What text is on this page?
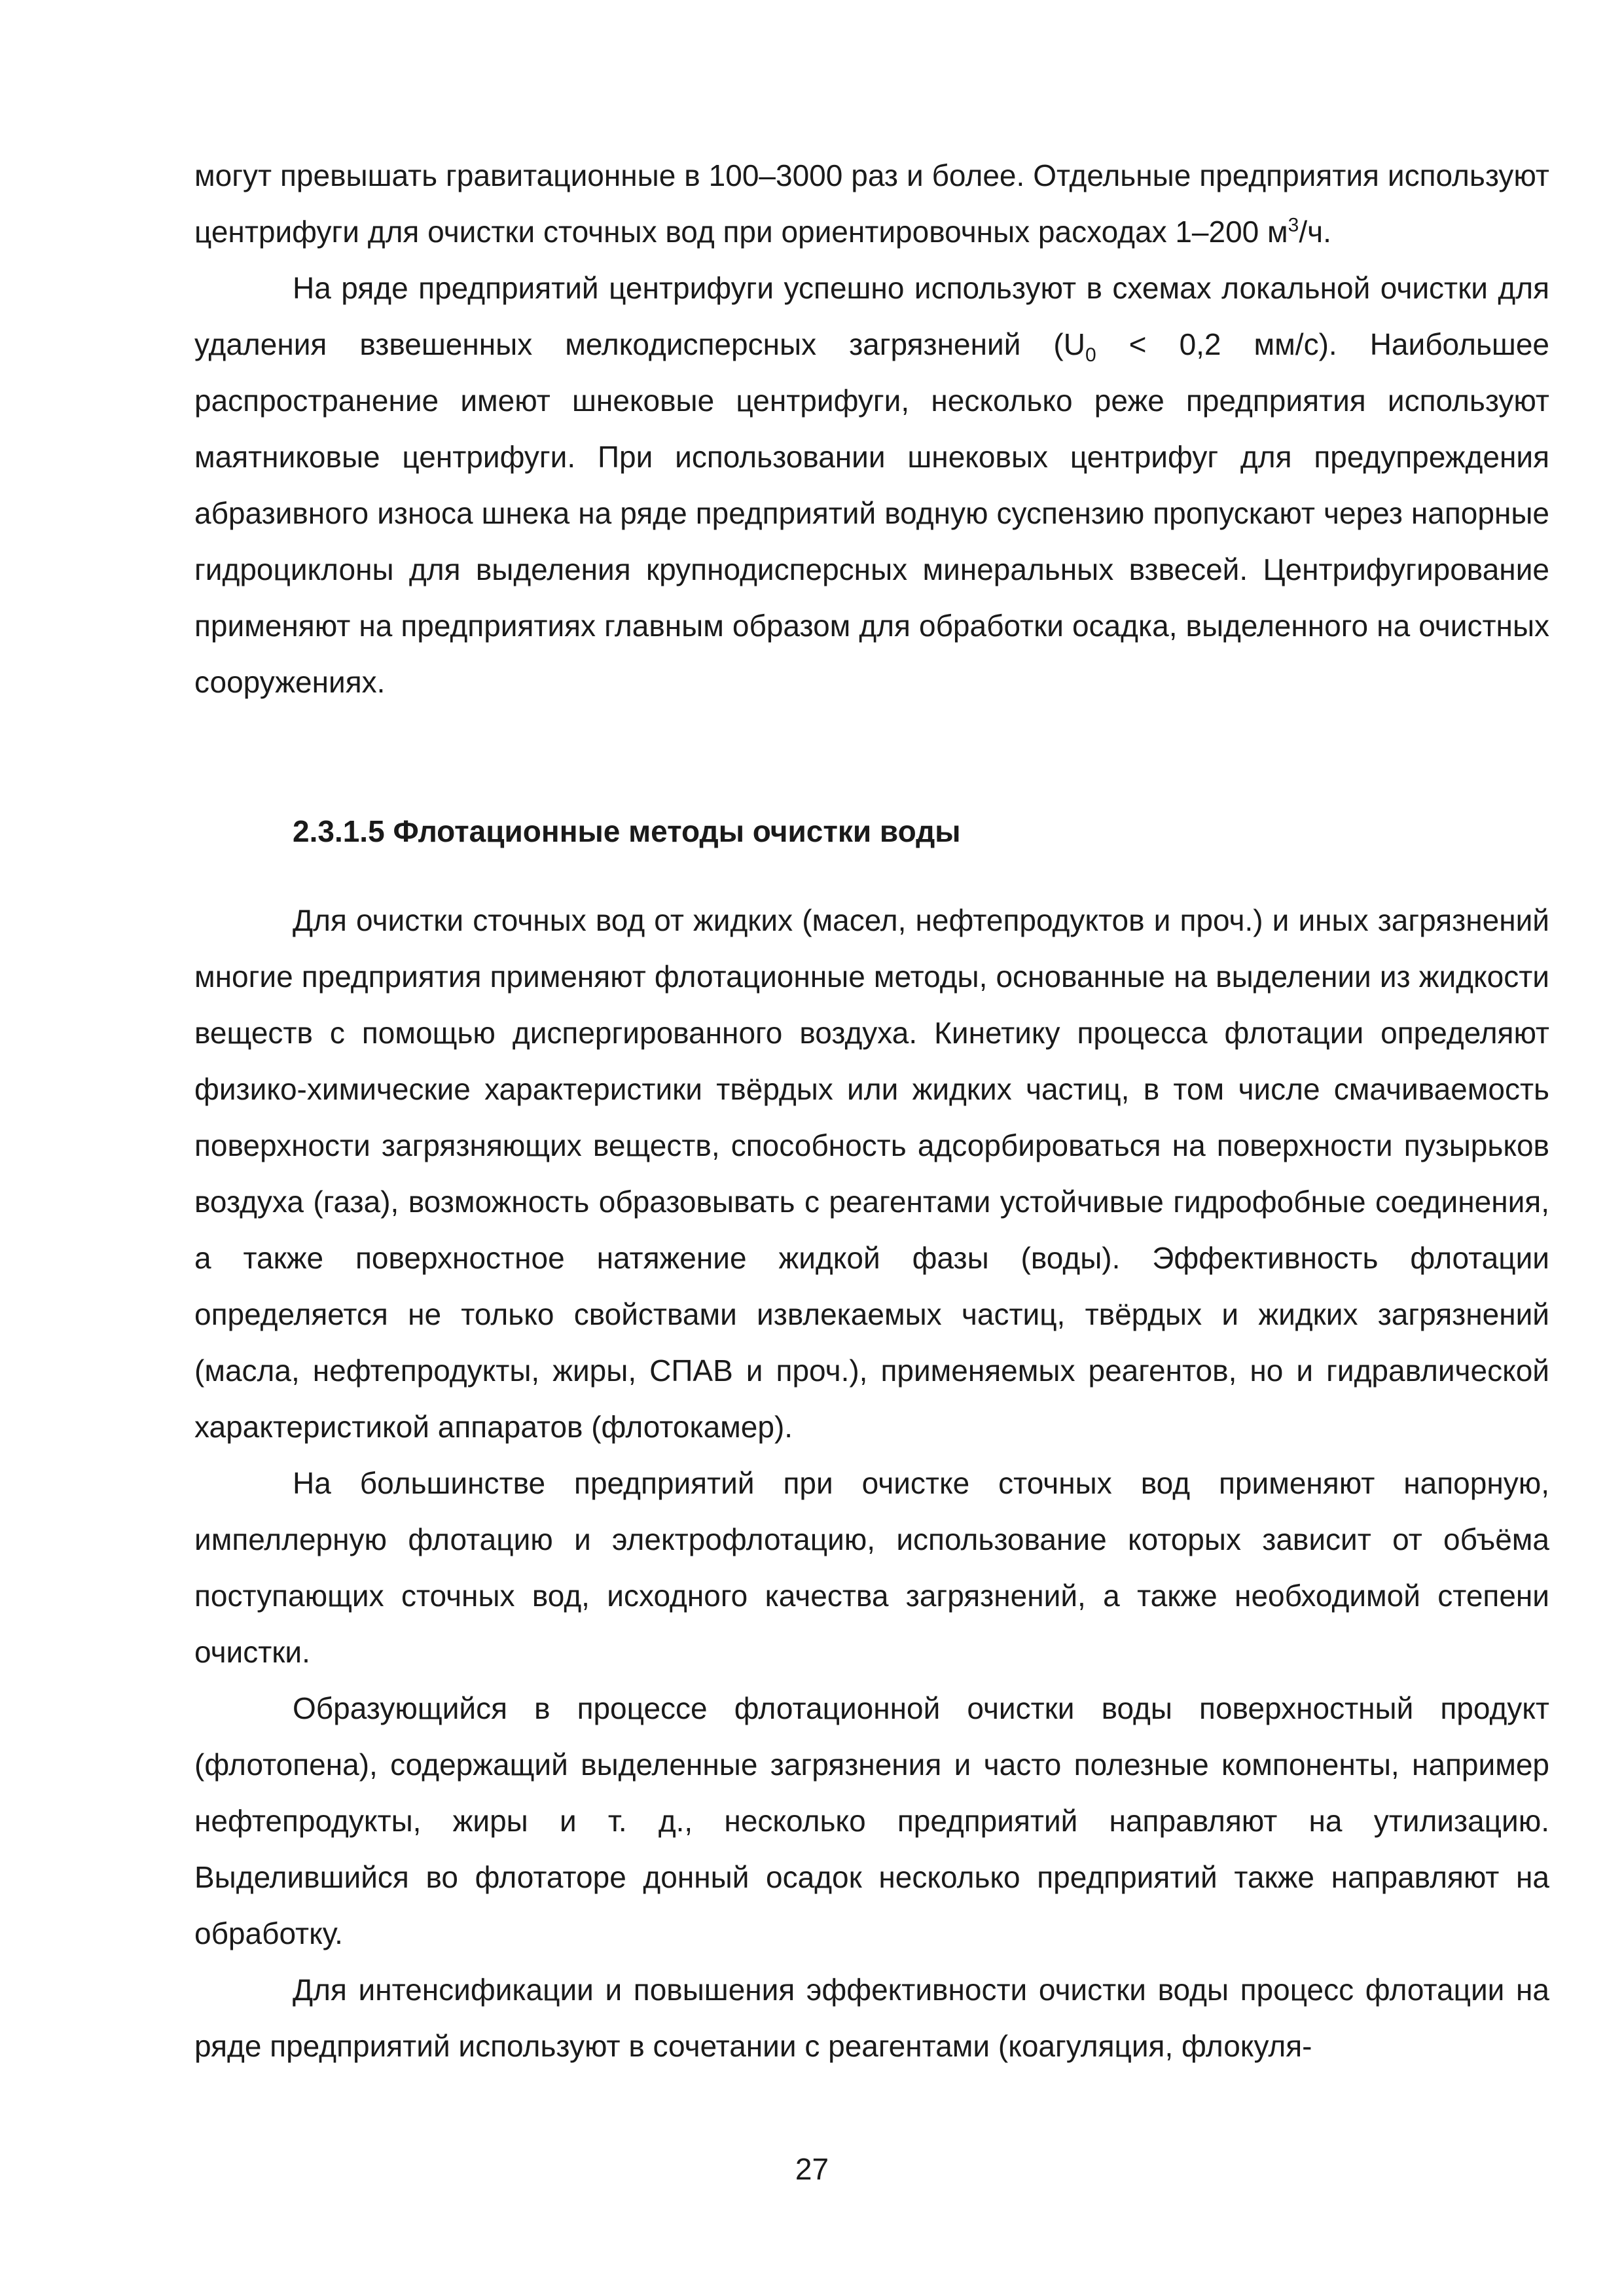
могут превышать гравитационные в 100–3000 раз и более. Отдельные предприятия используют центрифуги для очистки сточных вод при ориентировочных расходах 1–200 $м^3/ч$.

На ряде предприятий центрифуги успешно используют в схемах локальной очистки для удаления взвешенных мелкодисперсных загрязнений ($U_0 < 0,2$ мм/с). Наибольшее распространение имеют шнековые центрифуги, несколько реже предприятия используют маятниковые центрифуги. При использовании шнековых центрифуг для предупреждения абразивного износа шнека на ряде предприятий водную суспензию пропускают через напорные гидроциклоны для выделения крупнодисперсных минеральных взвесей. Центрифугирование применяют на предприятиях главным образом для обработки осадка, выделенного на очистных сооружениях.

2.3.1.5 Флотационные методы очистки воды

Для очистки сточных вод от жидких (масел, нефтепродуктов и проч.) и иных загрязнений многие предприятия применяют флотационные методы, основанные на выделении из жидкости веществ с помощью диспергированного воздуха. Кинетику процесса флотации определяют физико-химические характеристики твёрдых или жидких частиц, в том числе смачиваемость поверхности загрязняющих веществ, способность адсорбироваться на поверхности пузырьков воздуха (газа), возможность образовывать с реагентами устойчивые гидрофобные соединения, а также поверхностное натяжение жидкой фазы (воды). Эффективность флотации определяется не только свойствами извлекаемых частиц, твёрдых и жидких загрязнений (масла, нефтепродукты, жиры, СПАВ и проч.), применяемых реагентов, но и гидравлической характеристикой аппаратов (флотокамер).

На большинстве предприятий при очистке сточных вод применяют напорную, импеллерную флотацию и электрофлотацию, использование которых зависит от объёма поступающих сточных вод, исходного качества загрязнений, а также необходимой степени очистки.

Образующийся в процессе флотационной очистки воды поверхностный продукт (флотопена), содержащий выделенные загрязнения и часто полезные компоненты, например нефтепродукты, жиры и т. д., несколько предприятий направляют на утилизацию. Выделившийся во флотаторе донный осадок несколько предприятий также направляют на обработку.

Для интенсификации и повышения эффективности очистки воды процесс флотации на ряде предприятий используют в сочетании с реагентами (коагуляция, флокуля-

27
